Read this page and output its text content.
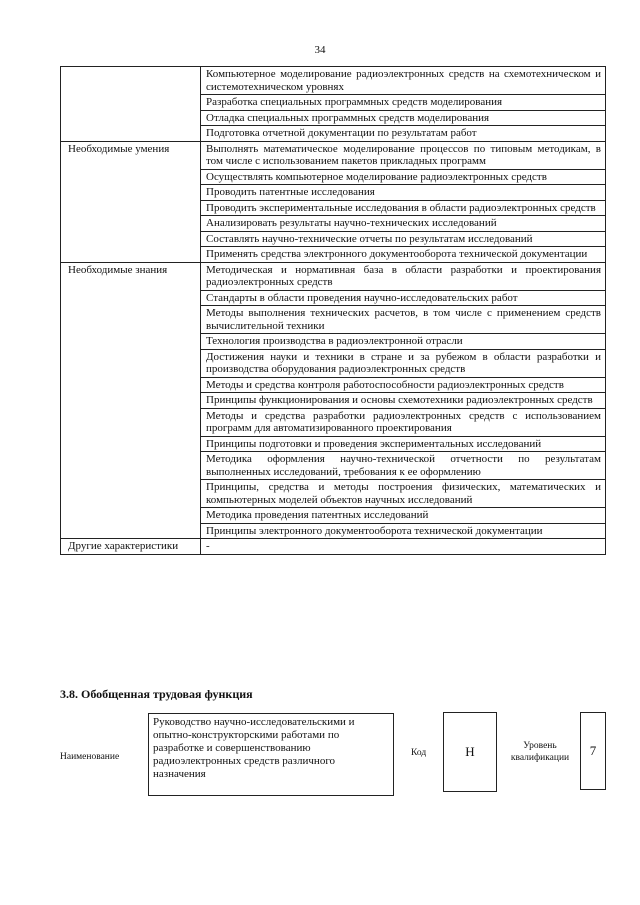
34
	Компьютерное моделирование радиоэлектронных средств на схемотехническом и системотехническом уровнях
	Разработка специальных программных средств моделирования
	Отладка специальных программных средств моделирования
	Подготовка отчетной документации по результатам работ
Необходимые умения	Выполнять математическое моделирование процессов по типовым методикам, в том числе с использованием пакетов прикладных программ
	Осуществлять компьютерное моделирование радиоэлектронных средств
	Проводить патентные исследования
	Проводить экспериментальные исследования в области радиоэлектронных средств
	Анализировать результаты научно-технических исследований
	Составлять научно-технические отчеты по результатам исследований
	Применять средства электронного документооборота технической документации
Необходимые знания	Методическая и нормативная база в области разработки и проектирования радиоэлектронных средств
	Стандарты в области проведения научно-исследовательских работ
	Методы выполнения технических расчетов, в том числе с применением средств вычислительной техники
	Технология производства в радиоэлектронной отрасли
	Достижения науки и техники в стране и за рубежом в области разработки и производства оборудования радиоэлектронных средств
	Методы и средства контроля работоспособности радиоэлектронных средств
	Принципы функционирования и основы схемотехники радиоэлектронных средств
	Методы и средства разработки радиоэлектронных средств с использованием программ для автоматизированного проектирования
	Принципы подготовки и проведения экспериментальных исследований
	Методика оформления научно-технической отчетности по результатам выполненных исследований, требования к ее оформлению
	Принципы, средства и методы построения физических, математических и компьютерных моделей объектов научных исследований
	Методика проведения патентных исследований
	Принципы электронного документооборота технической документации
Другие характеристики	-
3.8. Обобщенная трудовая функция
Наименование
Руководство научно-исследовательскими и опытно-конструкторскими работами по разработке и совершенствованию радиоэлектронных средств различного назначения
Код	H	Уровень квалификации	7
